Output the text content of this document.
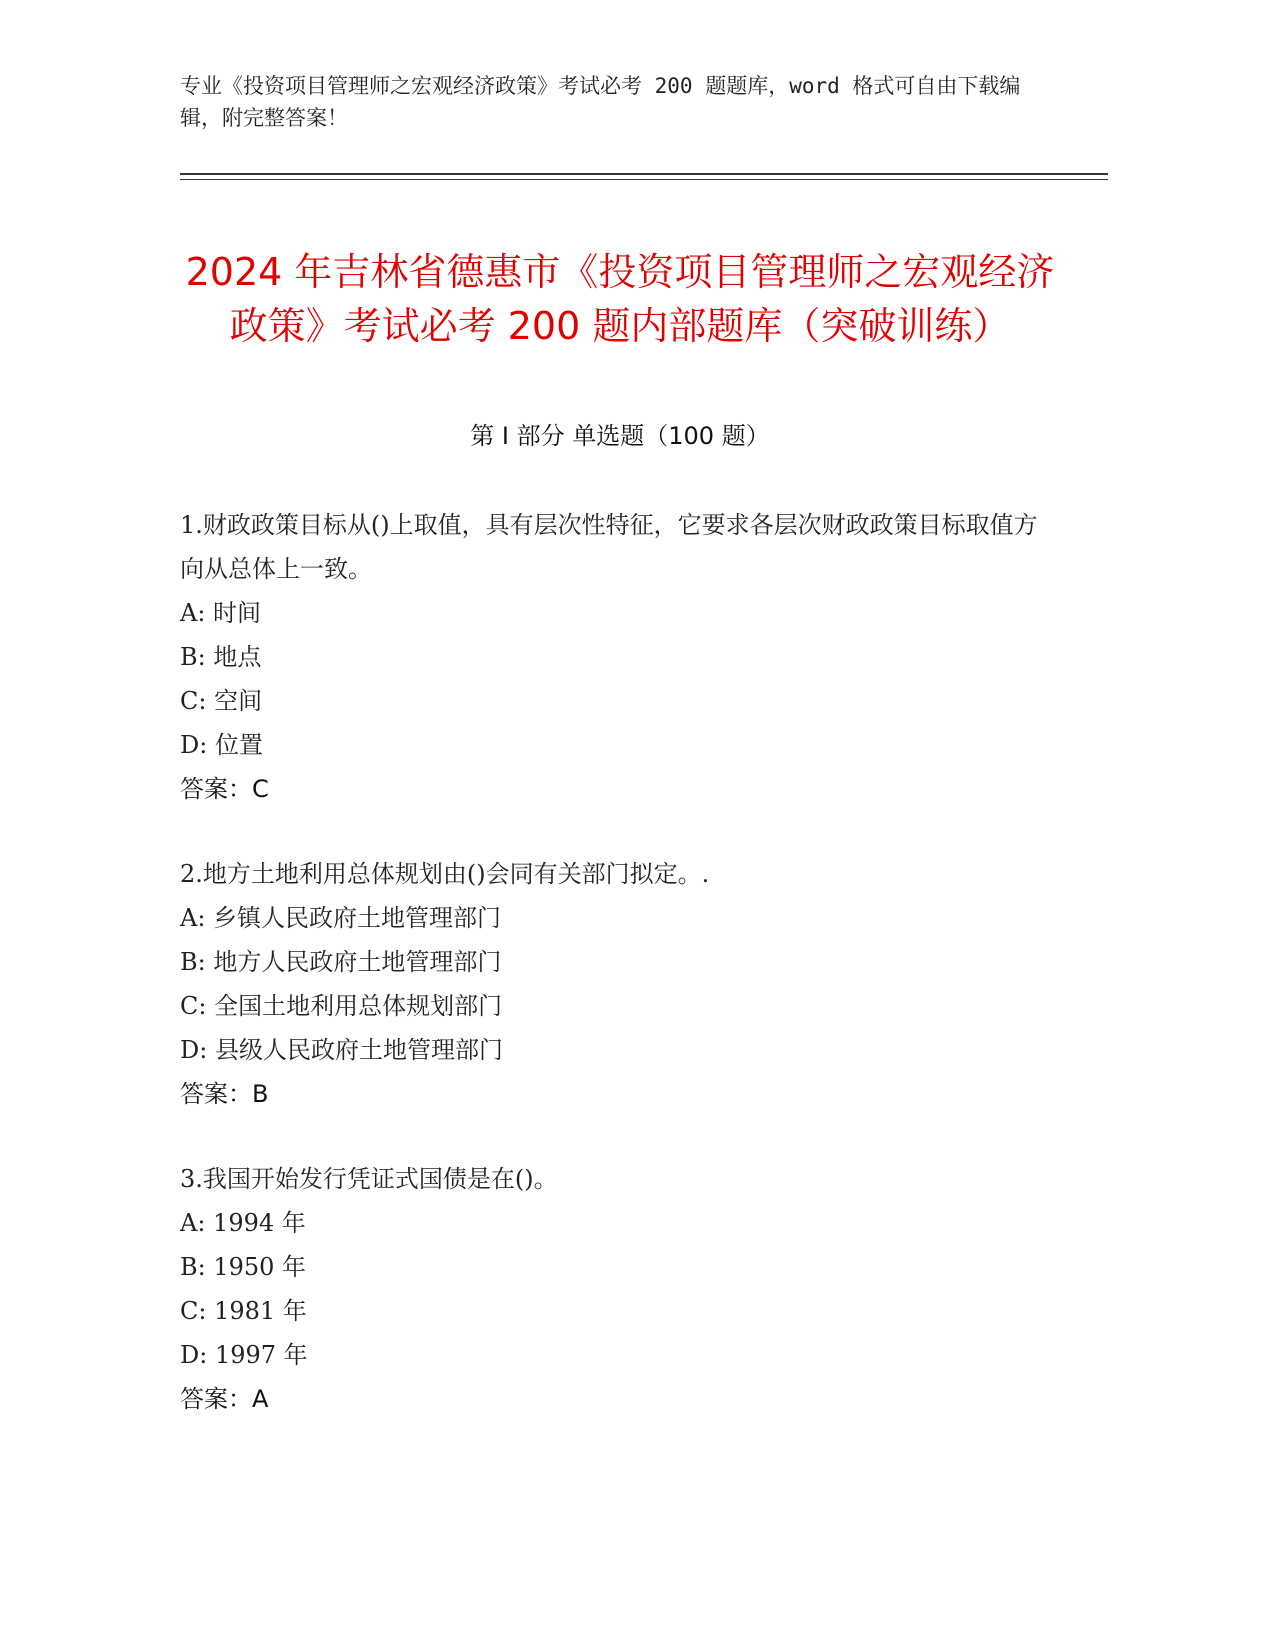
专业《投资项目管理师之宏观经济政策》考试必考 200 题题库，word 格式可自由下载编辑，附完整答案！
2024 年吉林省德惠市《投资项目管理师之宏观经济政策》考试必考 200 题内部题库（突破训练）
第 I 部分 单选题（100 题）

1.财政政策目标从()上取值，具有层次性特征，它要求各层次财政政策目标取值方向从总体上一致。

A: 时间

B: 地点

C: 空间

D: 位置

答案：C

2.地方土地利用总体规划由()会同有关部门拟定。.

A: 乡镇人民政府土地管理部门

B: 地方人民政府土地管理部门

C: 全国土地利用总体规划部门

D: 县级人民政府土地管理部门

答案：B

3.我国开始发行凭证式国债是在()。

A: 1994 年

B: 1950 年

C: 1981 年

D: 1997 年

答案：A
